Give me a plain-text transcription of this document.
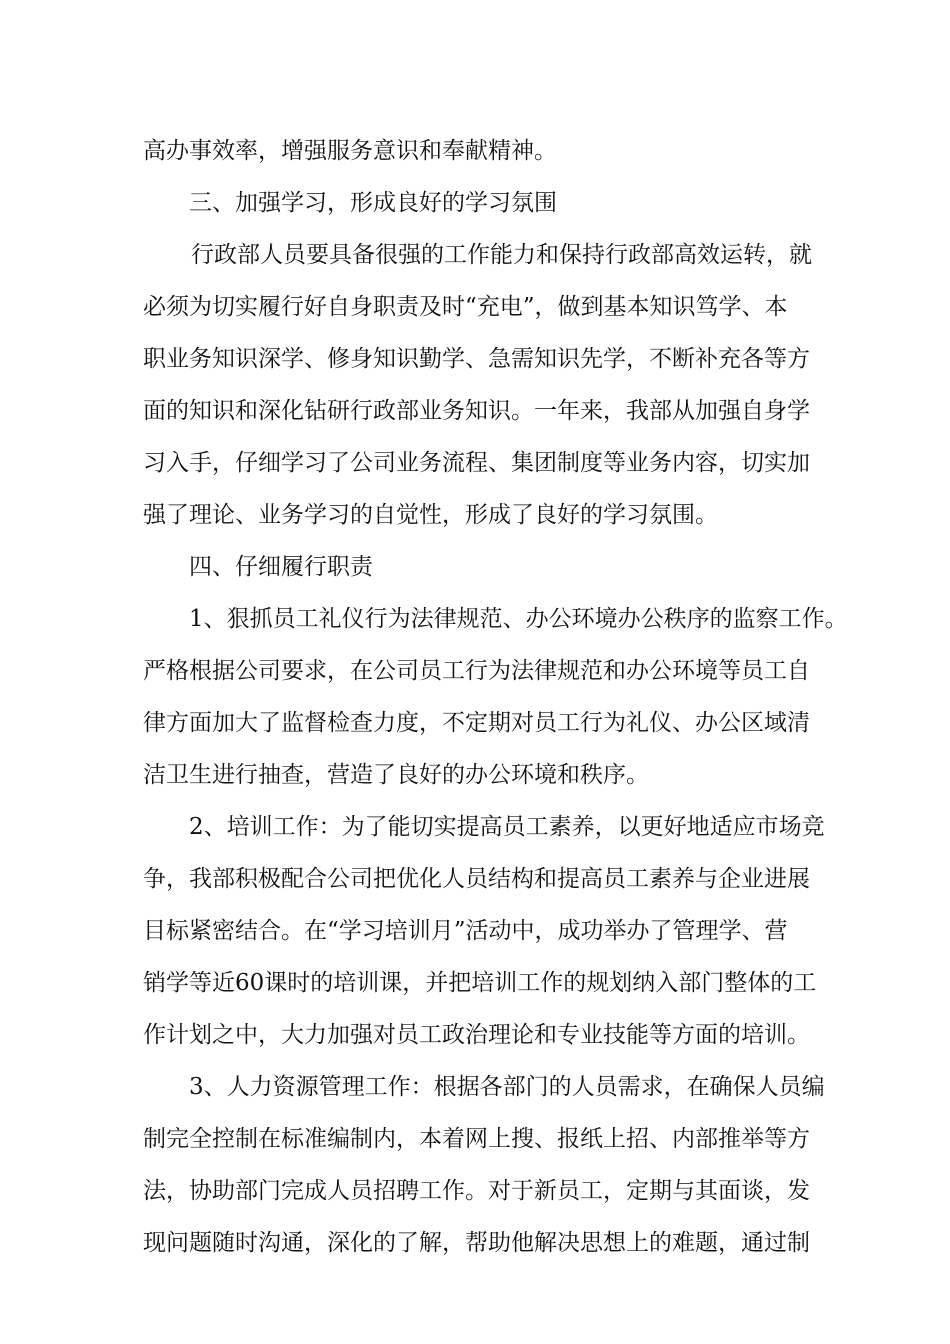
高办事效率，增强服务意识和奉献精神。

三、加强学习，形成良好的学习氛围

行政部人员要具备很强的工作能力和保持行政部高效运转，就

必须为切实履行好自身职责及时“充电”，做到基本知识笃学、本

职业务知识深学、修身知识勤学、急需知识先学，不断补充各等方

面的知识和深化钻研行政部业务知识。一年来，我部从加强自身学

习入手，仔细学习了公司业务流程、集团制度等业务内容，切实加

强了理论、业务学习的自觉性，形成了良好的学习氛围。

四、仔细履行职责

1、狠抓员工礼仪行为法律规范、办公环境办公秩序的监察工作。

严格根据公司要求，在公司员工行为法律规范和办公环境等员工自

律方面加大了监督检查力度，不定期对员工行为礼仪、办公区域清

洁卫生进行抽查，营造了良好的办公环境和秩序。

2、培训工作：为了能切实提高员工素养，以更好地适应市场竞

争，我部积极配合公司把优化人员结构和提高员工素养与企业进展

目标紧密结合。在“学习培训月”活动中，成功举办了管理学、营

销学等近60课时的培训课，并把培训工作的规划纳入部门整体的工

作计划之中，大力加强对员工政治理论和专业技能等方面的培训。

3、人力资源管理工作：根据各部门的人员需求，在确保人员编

制完全控制在标准编制内，本着网上搜、报纸上招、内部推举等方

法，协助部门完成人员招聘工作。对于新员工，定期与其面谈，发

现问题随时沟通，深化的了解，帮助他解决思想上的难题，通过制
